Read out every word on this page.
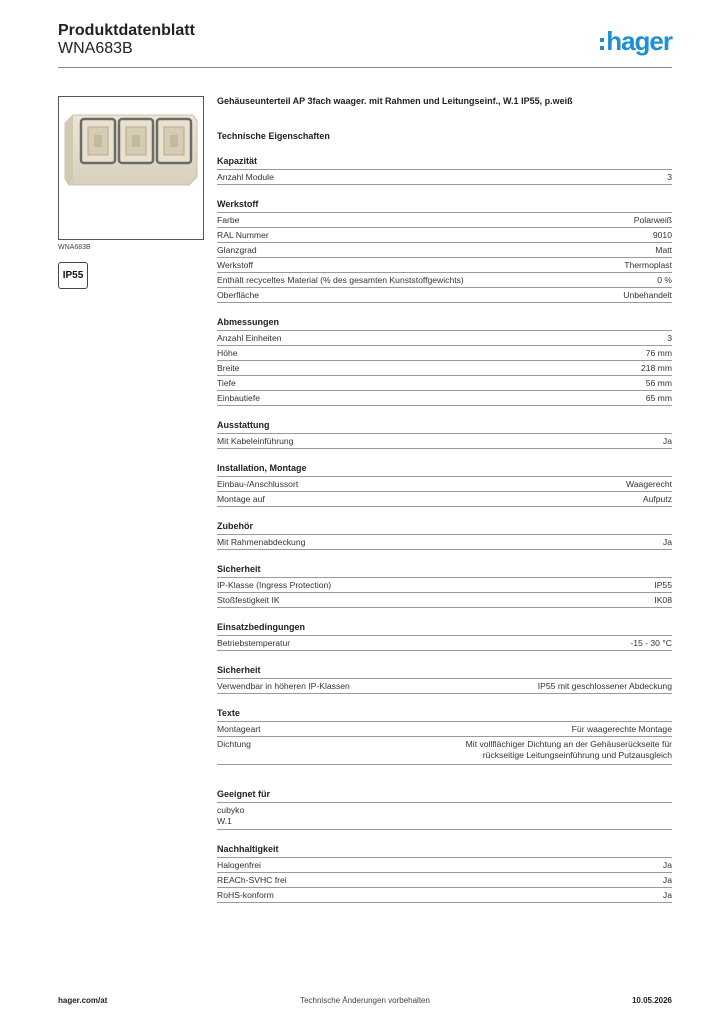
Produktdatenblatt
WNA683B	hager
WNA683B
IP55
Gehäuseunterteil AP 3fach waager. mit Rahmen und Leitungseinf., W.1 IP55, p.weiß
Technische Eigenschaften
Kapazität
Anzahl Module	3
Werkstoff
Farbe	Polarweiß
RAL Nummer	9010
Glanzgrad	Matt
Werkstoff	Thermoplast
Enthält recyceltes Material (% des gesamten Kunststoffgewichts)	0 %
Oberfläche	Unbehandelt
Abmessungen
Anzahl Einheiten	3
Höhe	76 mm
Breite	218 mm
Tiefe	56 mm
Einbautiefe	65 mm
Ausstattung
Mit Kabeleinführung	Ja
Installation, Montage
Einbau-/Anschlussort	Waagerecht
Montage auf	Aufputz
Zubehör
Mit Rahmenabdeckung	Ja
Sicherheit
IP-Klasse (Ingress Protection)	IP55
Stoßfestigkeit IK	IK08
Einsatzbedingungen
Betriebstemperatur	-15 - 30 °C
Sicherheit
Verwendbar in höheren IP-Klassen	IP55 mit geschlossener Abdeckung
Texte
Montageart	Für waagerechte Montage
Dichtung	Mit vollflächiger Dichtung an der Gehäuserückseite für rückseitige Leitungseinführung und Putzausgleich
Geeignet für
cubyko
W.1
Nachhaltigkeit
Halogenfrei	Ja
REACh-SVHC frei	Ja
RoHS-konform	Ja
Technische Änderungen vorbehalten
hager.com/at	10.05.2026
